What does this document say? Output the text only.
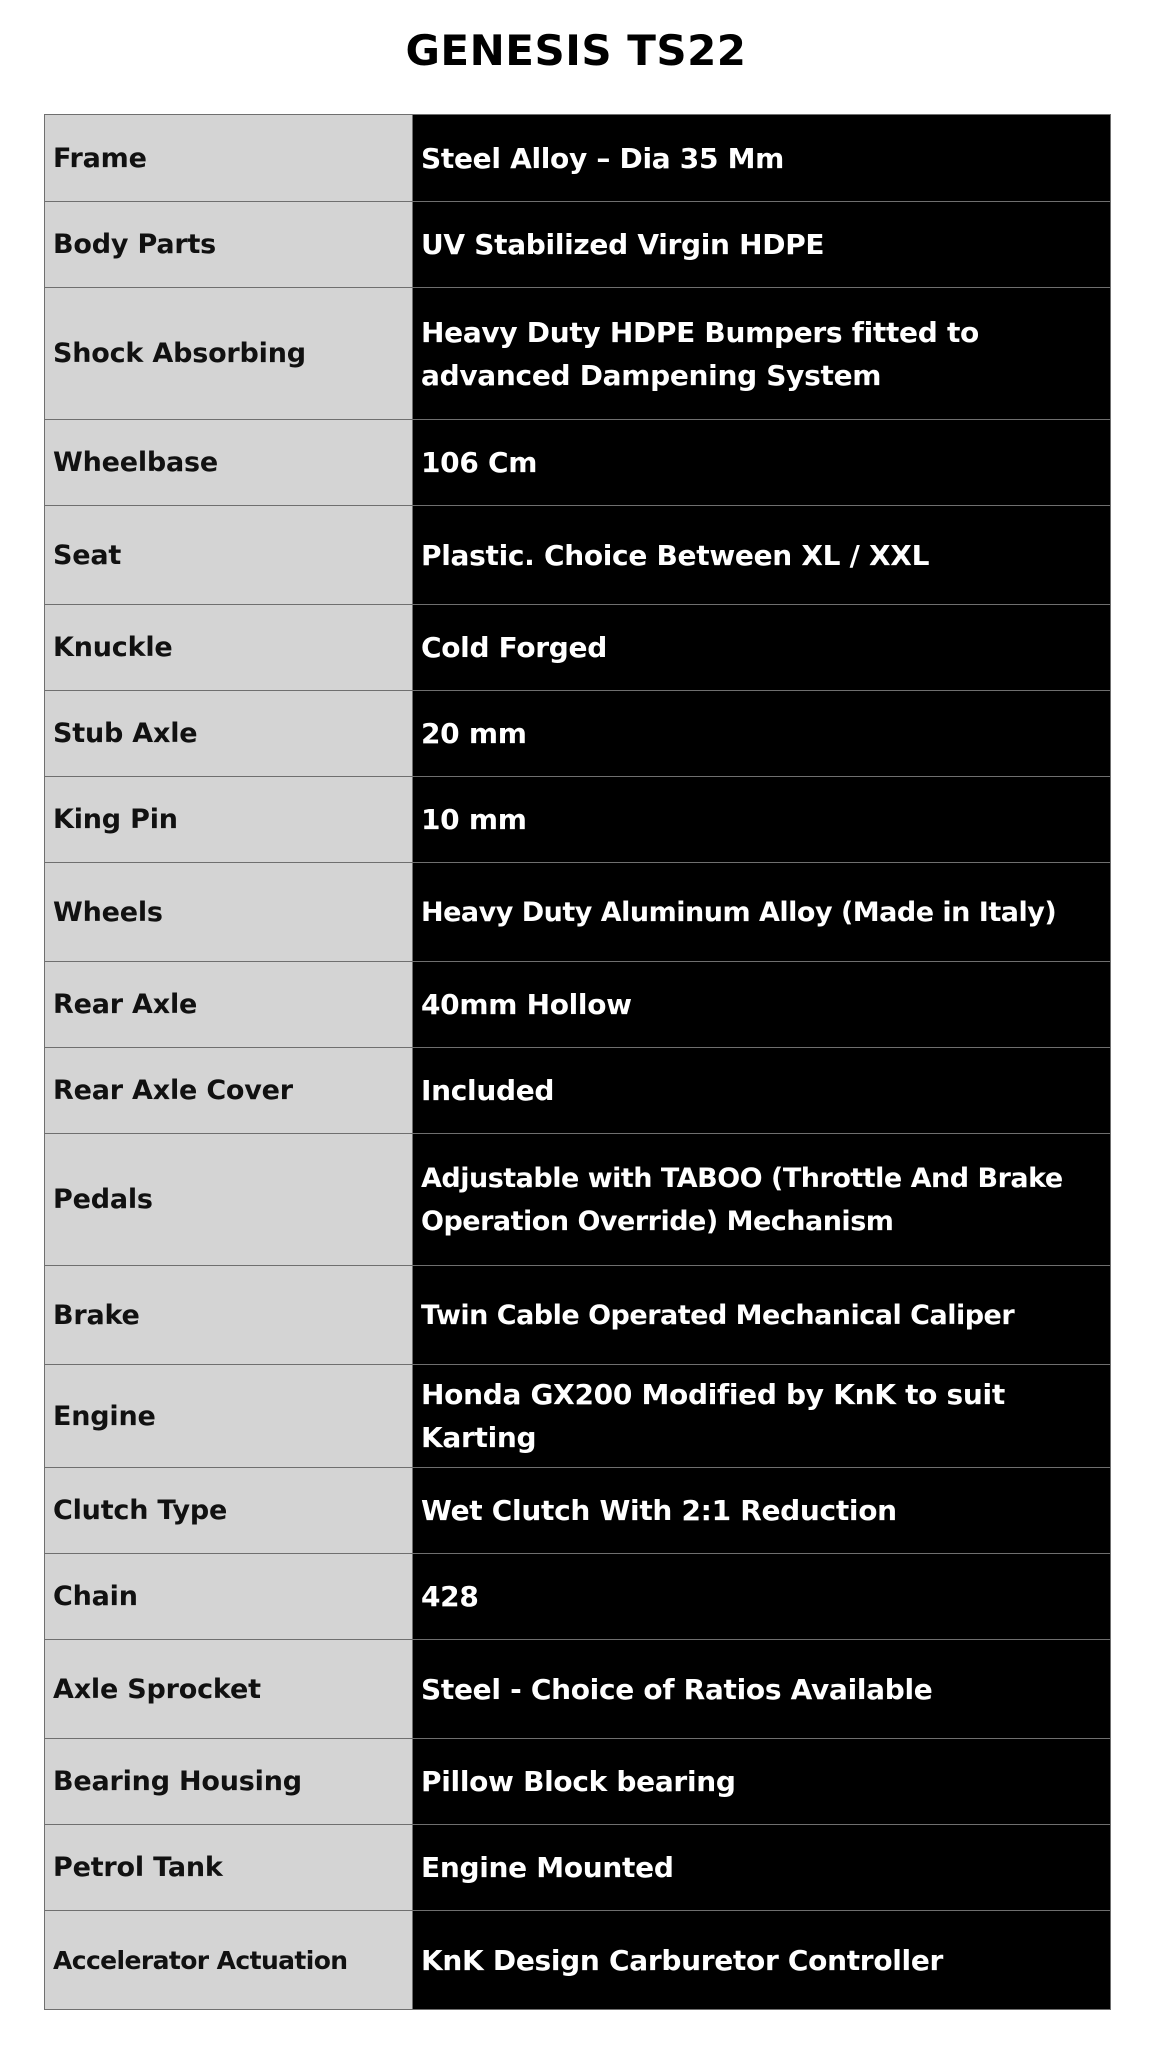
GENESIS TS22
Frame	Steel Alloy – Dia 35 Mm
Body Parts	UV Stabilized Virgin HDPE
Shock Absorbing	Heavy Duty HDPE Bumpers fitted to advanced Dampening System
Wheelbase	106 Cm
Seat	Plastic. Choice Between XL / XXL
Knuckle	Cold Forged
Stub Axle	20 mm
King Pin	10 mm
Wheels	Heavy Duty Aluminum Alloy (Made in Italy)
Rear Axle	40mm Hollow
Rear Axle Cover	Included
Pedals	Adjustable with TABOO (Throttle And Brake Operation Override) Mechanism
Brake	Twin Cable Operated Mechanical Caliper
Engine	Honda GX200 Modified by KnK to suit Karting
Clutch Type	Wet Clutch With 2:1 Reduction
Chain	428
Axle Sprocket	Steel - Choice of Ratios Available
Bearing Housing	Pillow Block bearing
Petrol Tank	Engine Mounted
Accelerator Actuation	KnK Design Carburetor Controller
